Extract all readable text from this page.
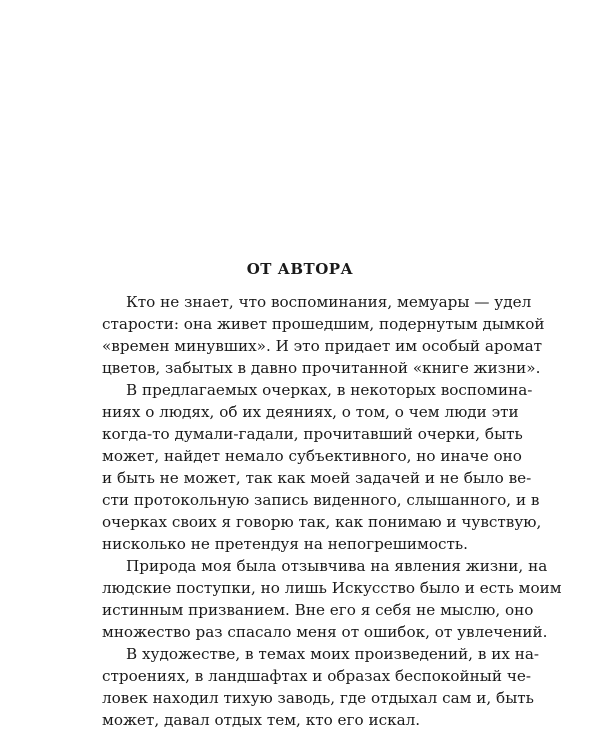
ОТ АВТОРА
Кто не знает, что воспоминания, мемуары — удел
старости: она живет прошедшим, подернутым дымкой
«времен минувших». И это придает им особый аромат
цветов, забытых в давно прочитанной «книге жизни».
В предлагаемых очерках, в некоторых воспомина-
ниях о людях, об их деяниях, о том, о чем люди эти
когда-то думали-гадали, прочитавший очерки, быть
может, найдет немало субъективного, но иначе оно
и быть не может, так как моей задачей и не было ве-
сти протокольную запись виденного, слышанного, и в
очерках своих я говорю так, как понимаю и чувствую,
нисколько не претендуя на непогрешимость.
Природа моя была отзывчива на явления жизни, на
людские поступки, но лишь Искусство было и есть моим
истинным призванием. Вне его я себя не мыслю, оно
множество раз спасало меня от ошибок, от увлечений.
В художестве, в темах моих произведений, в их на-
строениях, в ландшафтах и образах беспокойный че-
ловек находил тихую заводь, где отдыхал сам и, быть
может, давал отдых тем, кто его искал.
